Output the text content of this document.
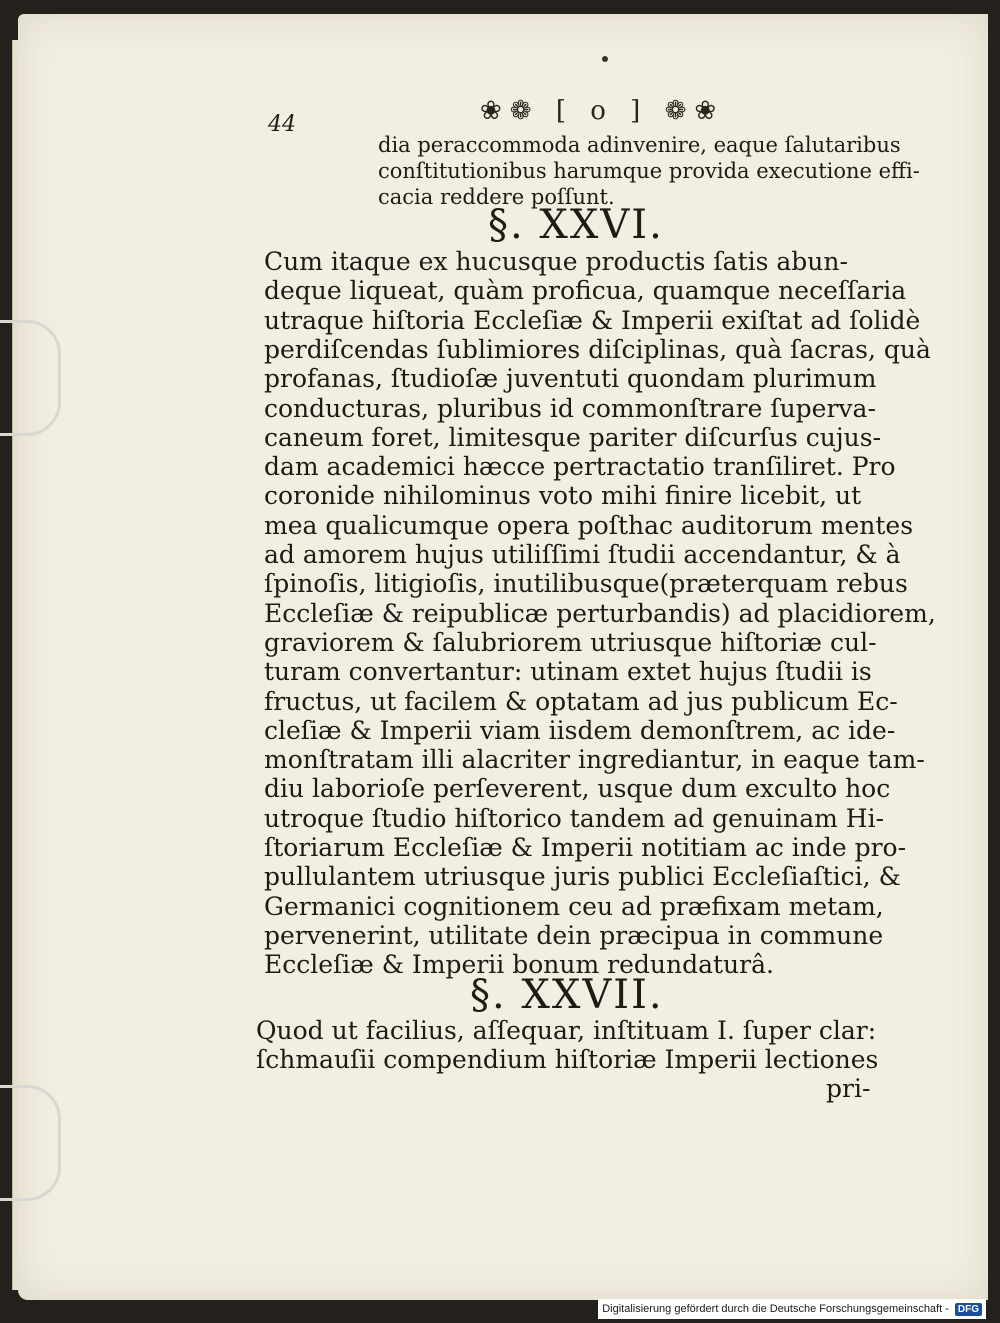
44	❀❁ [ o ] ❁❀
dia peraccommoda adinvenire, eaque ſalutaribus
conſtitutionibus harumque provida executione effi-
cacia reddere poſſunt.
§. XXVI.
Cum itaque ex hucusque productis ſatis abun-
deque liqueat, quàm proficua, quamque neceſſaria
utraque hiſtoria Eccleſiæ & Imperii exiſtat ad ſolidè
perdiſcendas ſublimiores diſciplinas, quà ſacras, quà
profanas, ſtudioſæ juventuti quondam plurimum
conducturas, pluribus id commonſtrare ſuperva-
caneum foret, limitesque pariter diſcurſus cujus-
dam academici hæcce pertractatio tranſiliret. Pro
coronide nihilominus voto mihi finire licebit, ut
mea qualicumque opera poſthac auditorum mentes
ad amorem hujus utiliſſimi ſtudii accendantur, & à
ſpinoſis, litigioſis, inutilibusque(præterquam rebus
Eccleſiæ & reipublicæ perturbandis) ad placidiorem,
graviorem & ſalubriorem utriusque hiſtoriæ cul-
turam convertantur: utinam extet hujus ſtudii is
fructus, ut facilem & optatam ad jus publicum Ec-
cleſiæ & Imperii viam iisdem demonſtrem, ac ide-
monſtratam illi alacriter ingrediantur, in eaque tam-
diu laborioſe perſeverent, usque dum exculto hoc
utroque ſtudio hiſtorico tandem ad genuinam Hi-
ſtoriarum Eccleſiæ & Imperii notitiam ac inde pro-
pullulantem utriusque juris publici Eccleſiaſtici, &
Germanici cognitionem ceu ad præfixam metam,
pervenerint, utilitate dein præcipua in commune
Eccleſiæ & Imperii bonum redundaturâ.
§. XXVII.
Quod ut facilius, aſſequar, inſtituam I. ſuper clar:
ſchmauſii compendium hiſtoriæ Imperii lectiones
pri-
Digitalisierung gefördert durch die Deutsche Forschungsgemeinschaft - DFG
